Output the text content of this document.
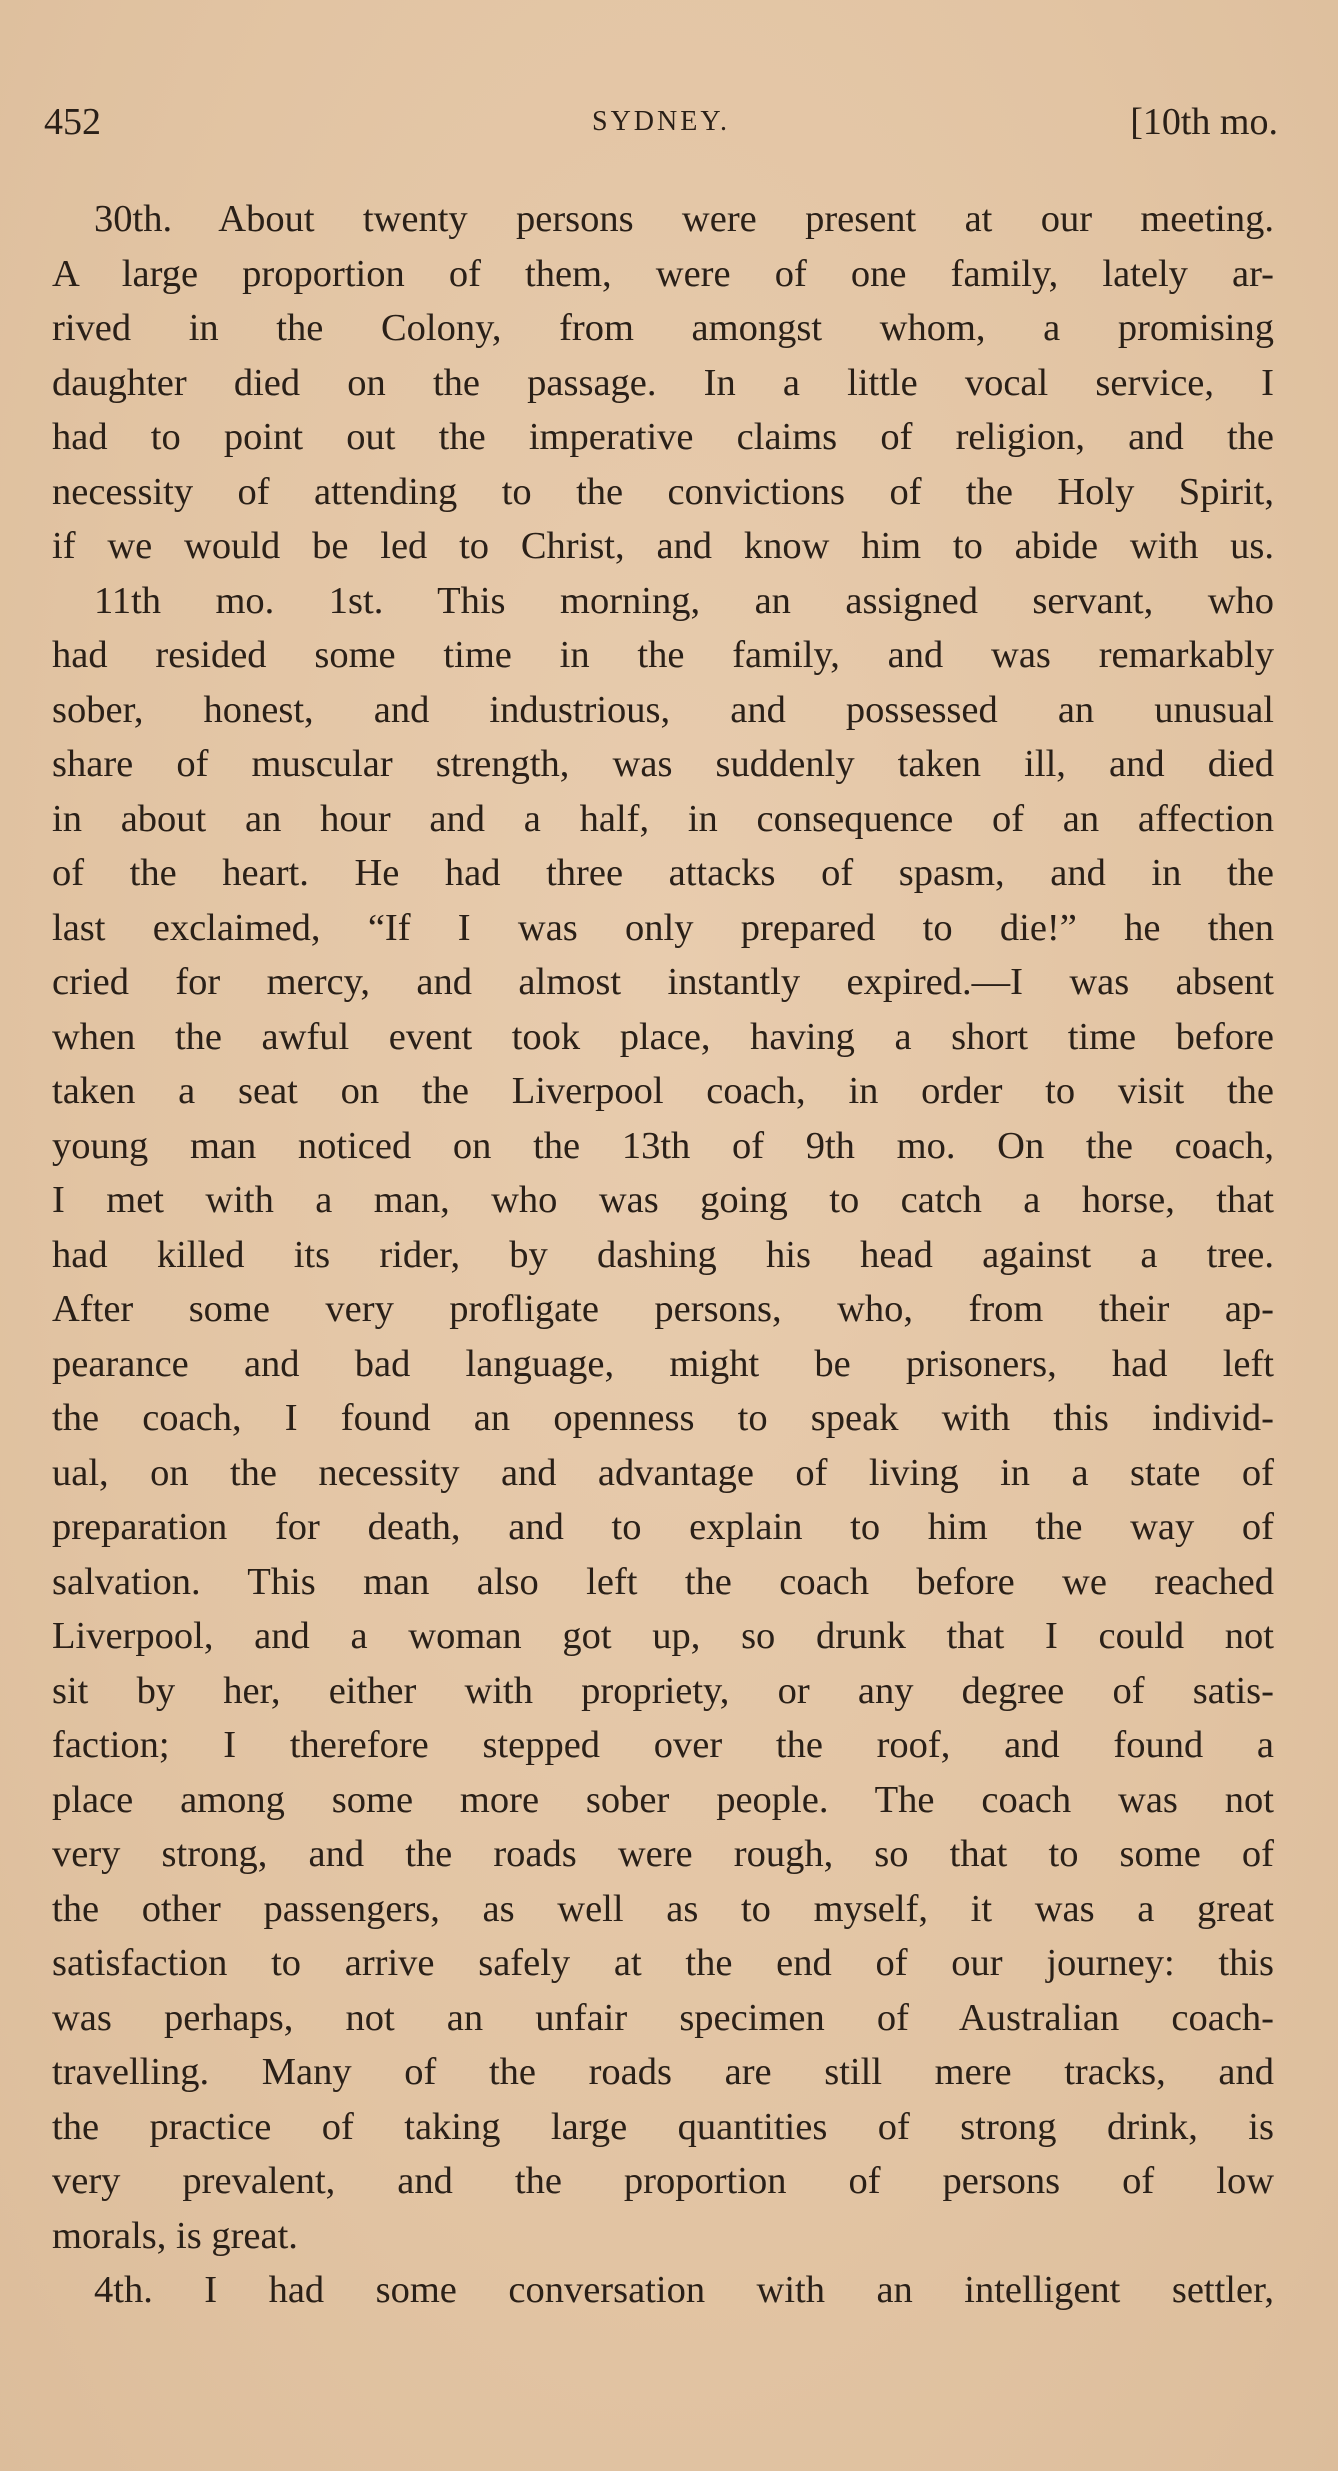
452	SYDNEY.	[10th mo.
30th. About twenty persons were present at our meeting.
A large proportion of them, were of one family, lately ar-
rived in the Colony, from amongst whom, a promising
daughter died on the passage. In a little vocal service, I
had to point out the imperative claims of religion, and the
necessity of attending to the convictions of the Holy Spirit,
if we would be led to Christ, and know him to abide with us.
11th mo. 1st. This morning, an assigned servant, who
had resided some time in the family, and was remarkably
sober, honest, and industrious, and possessed an unusual
share of muscular strength, was suddenly taken ill, and died
in about an hour and a half, in consequence of an affection
of the heart. He had three attacks of spasm, and in the
last exclaimed, “If I was only prepared to die!” he then
cried for mercy, and almost instantly expired.—I was absent
when the awful event took place, having a short time before
taken a seat on the Liverpool coach, in order to visit the
young man noticed on the 13th of 9th mo. On the coach,
I met with a man, who was going to catch a horse, that
had killed its rider, by dashing his head against a tree.
After some very profligate persons, who, from their ap-
pearance and bad language, might be prisoners, had left
the coach, I found an openness to speak with this individ-
ual, on the necessity and advantage of living in a state of
preparation for death, and to explain to him the way of
salvation. This man also left the coach before we reached
Liverpool, and a woman got up, so drunk that I could not
sit by her, either with propriety, or any degree of satis-
faction; I therefore stepped over the roof, and found a
place among some more sober people. The coach was not
very strong, and the roads were rough, so that to some of
the other passengers, as well as to myself, it was a great
satisfaction to arrive safely at the end of our journey: this
was perhaps, not an unfair specimen of Australian coach-
travelling. Many of the roads are still mere tracks, and
the practice of taking large quantities of strong drink, is
very prevalent, and the proportion of persons of low
morals, is great.
4th. I had some conversation with an intelligent settler,
